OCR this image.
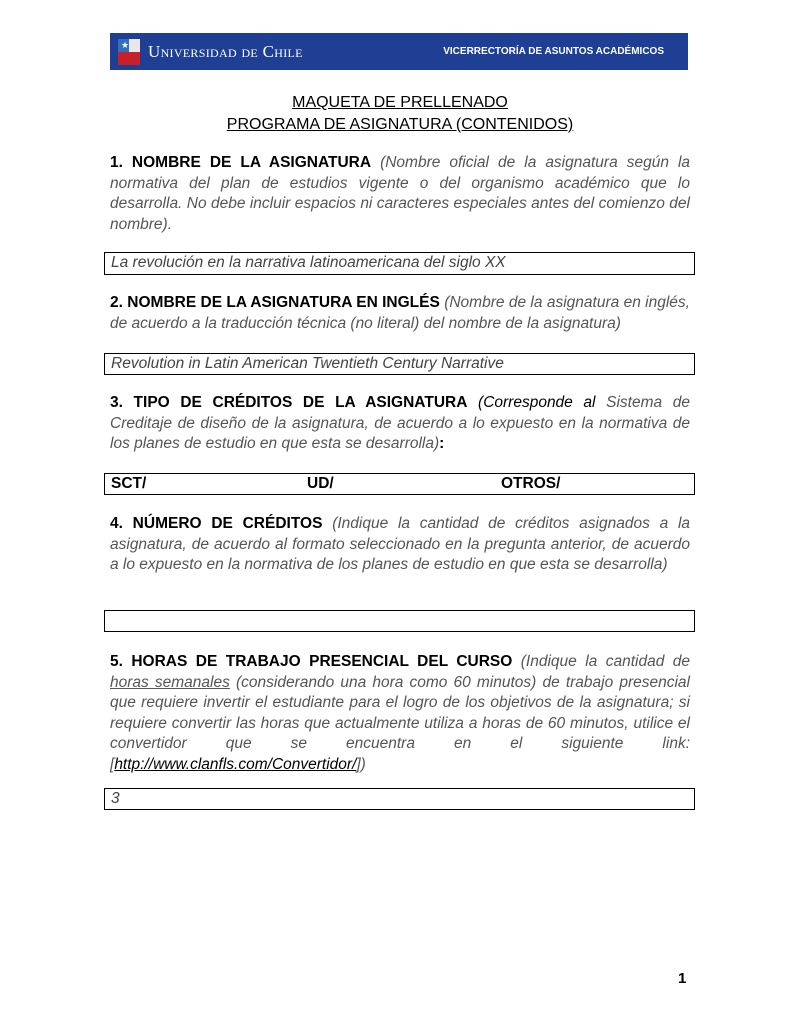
★ Universidad de Chile	VICERRECTORÍA DE ASUNTOS ACADÉMICOS
MAQUETA DE PRELLENADO
PROGRAMA DE ASIGNATURA (CONTENIDOS)
1. NOMBRE DE LA ASIGNATURA (Nombre oficial de la asignatura según la normativa del plan de estudios vigente o del organismo académico que lo desarrolla. No debe incluir espacios ni caracteres especiales antes del comienzo del nombre).
La revolución en la narrativa latinoamericana del siglo XX
2. NOMBRE DE LA ASIGNATURA EN INGLÉS (Nombre de la asignatura en inglés, de acuerdo a la traducción técnica (no literal) del nombre de la asignatura)
Revolution in Latin American Twentieth Century Narrative
3. TIPO DE CRÉDITOS DE LA ASIGNATURA (Corresponde al Sistema de Creditaje de diseño de la asignatura, de acuerdo a lo expuesto en la normativa de los planes de estudio en que esta se desarrolla):
SCT/	UD/	OTROS/
4. NÚMERO DE CRÉDITOS (Indique la cantidad de créditos asignados a la asignatura, de acuerdo al formato seleccionado en la pregunta anterior, de acuerdo a lo expuesto en la normativa de los planes de estudio en que esta se desarrolla)
5. HORAS DE TRABAJO PRESENCIAL DEL CURSO (Indique la cantidad de horas semanales (considerando una hora como 60 minutos) de trabajo presencial que requiere invertir el estudiante para el logro de los objetivos de la asignatura; si requiere convertir las horas que actualmente utiliza a horas de 60 minutos, utilice el convertidor que se encuentra en el siguiente link: [http://www.clanfls.com/Convertidor/])
3
1
